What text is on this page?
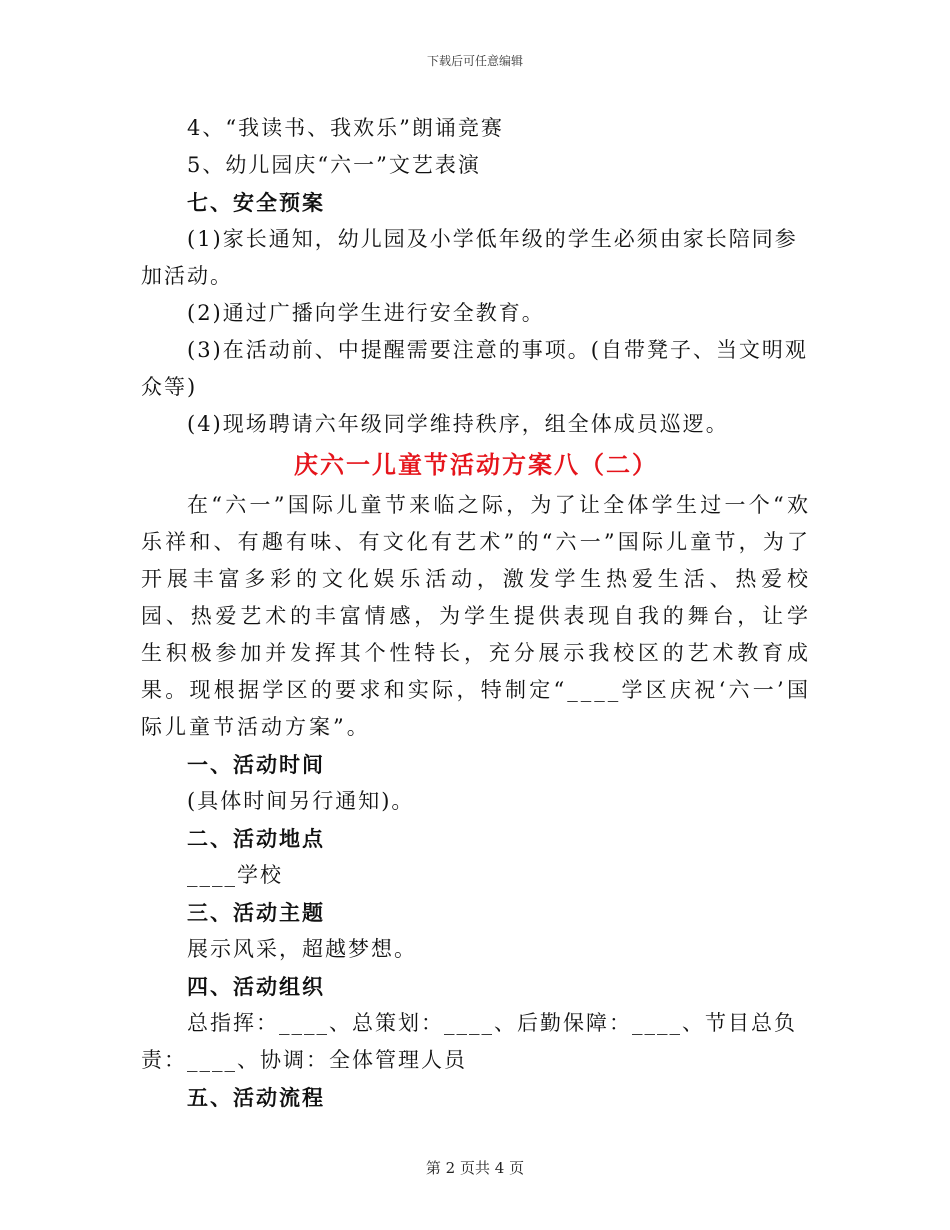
下载后可任意编辑

4、“我读书、我欢乐”朗诵竞赛

5、幼儿园庆“六一”文艺表演

七、安全预案

(1)家长通知，幼儿园及小学低年级的学生必须由家长陪同参加活动。

(2)通过广播向学生进行安全教育。

(3)在活动前、中提醒需要注意的事项。(自带凳子、当文明观众等)

(4)现场聘请六年级同学维持秩序，组全体成员巡逻。

庆六一儿童节活动方案八（二）

在“六一”国际儿童节来临之际，为了让全体学生过一个“欢乐祥和、有趣有味、有文化有艺术”的“六一”国际儿童节，为了开展丰富多彩的文化娱乐活动，激发学生热爱生活、热爱校园、热爱艺术的丰富情感，为学生提供表现自我的舞台，让学生积极参加并发挥其个性特长，充分展示我校区的艺术教育成果。现根据学区的要求和实际，特制定“____学区庆祝‘六一’国际儿童节活动方案”。

一、活动时间

(具体时间另行通知)。

二、活动地点

____学校

三、活动主题

展示风采，超越梦想。

四、活动组织

总指挥：____、总策划：____、后勤保障：____、节目总负责：____、协调：全体管理人员

五、活动流程

第 2 页共 4 页
